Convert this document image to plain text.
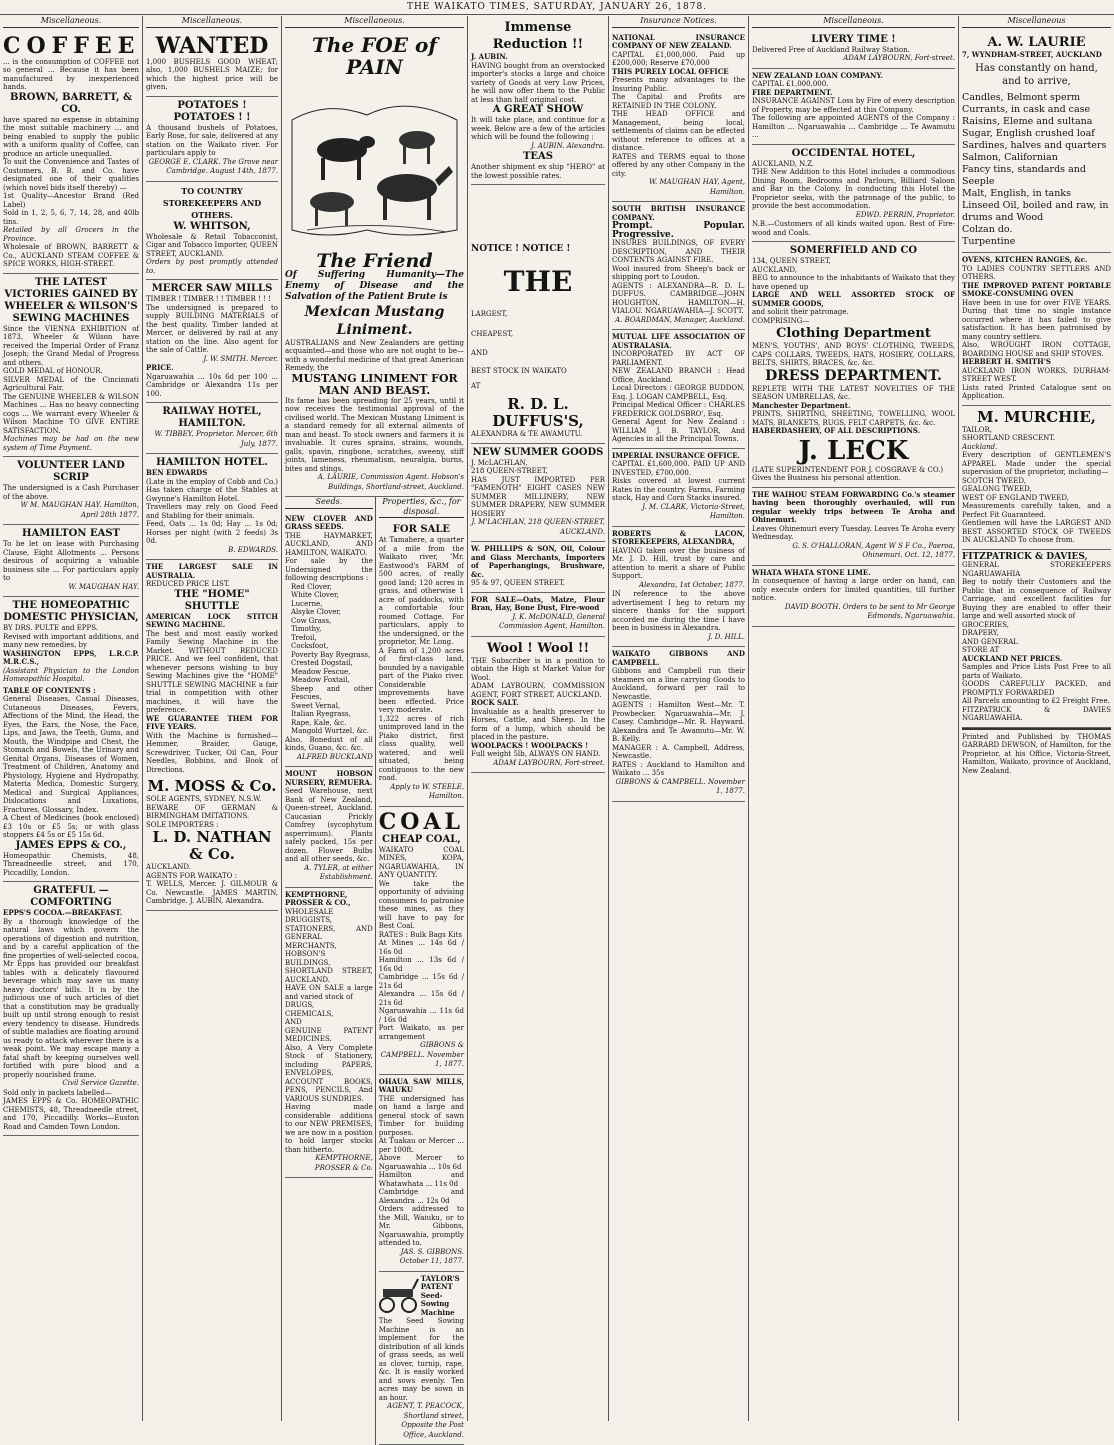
THE WAIKATO TIMES, SATURDAY, JANUARY 26, 1878.
Miscellaneous.
COFFEE
... is the consumption of COFFEE not so general ... Because it has been manufactured by inexperienced hands.
BROWN, BARRETT, & CO.
have spared no expense in obtaining the most suitable machinery ... and being enabled to supply the public with a uniform quality of Coffee, can produce an article unequalled.
To suit the Convenience and Tastes of Customers, B. B. and Co. have designated one of their qualities (which novel bids itself thereby) —
1st Quality—Ancestor Brand (Red Label)
Sold in 1, 2, 5, 6, 7, 14, 28, and 40lb tins.
Retailed by all Grocers in the Province.
Wholesale of BROWN, BARRETT & Co., AUCKLAND STEAM COFFEE & SPICE WORKS, HIGH-STREET.
THE LATEST VICTORIES GAINED BY WHEELER & WILSON'S SEWING MACHINES
Since the VIENNA EXHIBITION of 1873, Wheeler & Wilson have received the Imperial Order of Franz Joseph; the Grand Medal of Progress and others.
GOLD MEDAL of HONOUR.
SILVER MEDAL of the Cincinnati Agricultural Fair.
The GENUINE WHEELER & WILSON Machines ... Has no heavy connecting cogs ... We warrant every Wheeler & Wilson Machine TO GIVE ENTIRE SATISFACTION.
Machines may be had on the new system of Time Payment.
VOLUNTEER LAND SCRIP
The undersigned is a Cash Purchaser of the above.
W M. MAUGHAN HAY. Hamilton, April 28th 1877.
HAMILTON EAST
To be let on lease with Purchasing Clause, Eight Allotments ... Persons desirous of acquiring a valuable business site ... For particulars apply to
W. MAUGHAN HAY.
THE HOMEOPATHIC DOMESTIC PHYSICIAN,
BY DRS. PULTE and EPPS.
Revised with important additions, and many new remedies, by
WASHINGTON EPPS, L.R.C.P. M.R.C.S.,
(Assistant Physician to the London Homeopathic Hospital.
TABLE OF CONTENTS :
General Diseases, Casual Diseases, Cutaneous Diseases, Fevers, Affections of the Mind, the Head, the Eyes, the Ears, the Nose, the Face, Lips, and Jaws, the Teeth, Gums, and Mouth, the Windpipe and Chest, the Stomach and Bowels, the Urinary and Genital Organs, Diseases of Women, Treatment of Children, Anatomy and Physiology, Hygiene and Hydropathy, Materia Medica, Domestic Surgery, Medical and Surgical Appliances, Dislocations and Luxations, Fractures, Glossary, Index.
A Chest of Medicines (book enclosed) £3 10s or £5 5s; or with glass stoppers £4 5s or £5 15s 6d.
JAMES EPPS & CO.,
Homeopathic Chemists, 48, Threadneedle street, and 170, Piccadilly, London.
GRATEFUL — COMFORTING
EPPS'S COCOA.—BREAKFAST.
By a thorough knowledge of the natural laws which govern the operations of digestion and nutrition, and by a careful application of the fine properties of well-selected cocoa, Mr Epps has provided our breakfast tables with a delicately flavoured beverage which may save us many heavy doctors' bills. It is by the judicious use of such articles of diet that a constitution may be gradually built up until strong enough to resist every tendency to disease. Hundreds of subtle maladies are floating around us ready to attack wherever there is a weak point. We may escape many a fatal shaft by keeping ourselves well fortified with pure blood and a properly nourished frame.
Civil Service Gazette.
Sold only in packets labelled—
JAMES EPPS & Co. HOMEOPATHIC CHEMISTS, 48, Threadneedle street, and 170, Piccadilly. Works—Euston Road and Camden Town London.
Miscellaneous.
WANTED
1,000 BUSHELS GOOD WHEAT; also, 1,000 BUSHELS MAIZE; for which the highest price will be given.
POTATOES ! POTATOES ! !
A thousand bushels of Potatoes, Early Rose, for sale, delivered at any station on the Waikato river. For particulars apply to
GEORGE E. CLARK. The Grove near Cambridge. August 14th, 1877.
TO COUNTRY STOREKEEPERS AND OTHERS.
W. WHITSON,
Wholesale & Retail Tobacconist, Cigar and Tobacco Importer, QUEEN STREET, AUCKLAND.
Orders by post promptly attended to.
MERCER SAW MILLS
TIMBER ! TIMBER ! ! TIMBER ! ! !
The undersigned is prepared to supply BUILDING MATERIALS of the best quality. Timber landed at Mercer, or delivered by rail at any station on the line. Also agent for the sale of Cattle.
J. W. SMITH. Mercer.
PRICE.
Ngaruawahia ... 10s 6d per 100 ... Cambridge or Alexandra 11s per 100.
RAILWAY HOTEL, HAMILTON.
W. TIBBEY, Proprietor. Mercer, 6th July, 1877.
HAMILTON HOTEL.
BEN EDWARDS
(Late in the employ of Cobb and Co.) Has taken charge of the Stables at Gwynne's Hamilton Hotel.
Travellers may rely on Good Feed and Stabling for their animals.
Feed, Oats ... 1s 0d; Hay ... 1s 0d; Horses per night (with 2 feeds) 3s 0d.
B. EDWARDS.
THE LARGEST SALE IN AUSTRALIA.
REDUCED PRICE LIST.
THE "HOME" SHUTTLE
AMERICAN LOCK STITCH SEWING MACHINE.
The best and most easily worked Family Sewing Machine in the Market. WITHOUT REDUCED PRICE. And we feel confident, that whenever persons wishing to buy Sewing Machines give the "HOME" SHUTTLE SEWING MACHINE a fair trial in competition with other machines, it will have the preference.
WE GUARANTEE THEM FOR FIVE YEARS.
With the Machine is furnished—Hemmer, Braider, Gauge, Screwdriver, Tucker, Oil Can, Four Needles, Bobbins, and Book of Directions.
M. MOSS & Co.
SOLE AGENTS, SYDNEY, N.S.W.
BEWARE OF GERMAN & BIRMINGHAM IMITATIONS.
SOLE IMPORTERS :
L. D. NATHAN & Co.
AUCKLAND.
AGENTS FOR WAIKATO :
T. WELLS, Mercer. J. GILMOUR & Co. Newcastle. JAMES MARTIN, Cambridge. J. AUBIN, Alexandra.
Miscellaneous.
The FOE of PAIN
The Friend
Of Suffering Humanity—The Enemy of Disease and the Salvation of the Patient Brute is
Mexican Mustang Liniment.
AUSTRALIANS and New Zealanders are getting acquainted—and those who are not ought to be—with a wonderful medicine of that great American Remedy, the
MUSTANG LINIMENT FOR MAN AND BEAST.
Its fame has been spreading for 25 years, until it now receives the testimonial approval of the civilised world. The Mexican Mustang Liniment is a standard remedy for all external ailments of man and beast. To stock owners and farmers it is invaluable. It cures sprains, strains, wounds, galls, spavin, ringbone, scratches, sweeny, stiff joints, lameness, rheumatism, neuralgia, burns, bites and stings.
A. LAURIE, Commission Agent. Hobson's Buildings, Shortland-street, Auckland.
Seeds.
NEW CLOVER AND GRASS SEEDS.
THE HAYMARKET, AUCKLAND, AND HAMILTON, WAIKATO.
For sale by the Undersigned the following descriptions :
Red Clover,
White Clover,
Lucerne,
Alsyke Clover,
Cow Grass,
Timothy,
Trefoil,
Cocksfoot,
Poverty Bay Ryegrass,
Crested Dogstail,
Meadow Fescue,
Meadow Foxtail,
Sheep and other Fescues,
Sweet Vernal,
Italian Ryegrass,
Rape, Kale, &c.
Mangold Wurtzel, &c.
Also, Bonedust of all kinds, Guano, &c. &c.
ALFRED BUCKLAND
MOUNT HOBSON NURSERY, REMUERA.
Seed Warehouse, next Bank of New Zealand, Queen-street, Auckland. Caucasian Prickly Comfrey (sycophytum asperrimum). Plants safely packed, 15s per dozen. Flower Bulbs and all other seeds, &c.
A. TYLER, at either Establishment.
KEMPTHORNE, PROSSER & CO.,
WHOLESALE DRUGGISTS, STATIONERS, AND GENERAL MERCHANTS,
HOBSON'S BUILDINGS, SHORTLAND STREET, AUCKLAND.
HAVE ON SALE a large and varied stock of
DRUGS,
CHEMICALS,
AND
GENUINE PATENT MEDICINES.
Also, A Very Complete Stock of Stationery, including PAPERS, ENVELOPES, ACCOUNT BOOKS, PENS, PENCILS, And VARIOUS SUNDRIES.
Having made considerable additions to our NEW PREMISES, we are now in a position to hold larger stocks than hitherto.
KEMPTHORNE, PROSSER & Co.
Properties, &c., for disposal.
FOR SALE
At Tamahere, a quarter of a mile from the Waikato river, 'Mr. Eastwood's FARM of 500 acres, of really good land; 120 acres in grass, and otherwise 1 acre of paddocks, with a comfortable four roomed Cottage. For particulars, apply to the undersigned, or the proprietor, Mr. Long.
A Farm of 1,200 acres of first-class land, bounded by a navigable part of the Piako river. Considerable improvements have been effected. Price very moderate.
1,322 acres of rich unimproved land in the Piako district, first class quality, well watered, and well situated, being contiguous to the new road.
Apply to W. STEELE, Hamilton.
COAL
CHEAP COAL,
WAIKATO COAL MINES, KOPA, NGARUAWAHIA, IN ANY QUANTITY.
We take the opportunity of advising consumers to patronise these mines, as they will have to pay for Best Coal.
RATES : Bulk Bags Kits
At Mines ... 14s 6d / 16s 0d
Hamilton ... 13s 6d / 16s 0d
Cambridge ... 15s 6d / 21s 6d
Alexandra ... 15s 6d / 21s 6d
Ngaruawahia ... 11s 6d / 16s 0d
Port Waikato, as per arrangement
GIBBONS & CAMPBELL. November 1, 1877.
OHAUA SAW MILLS, WAIUKU
THE undersigned has on hand a large and general stock of sawn Timber for building purposes.
At Tuakau or Mercer ... per 100ft.
Above Mercer to Ngaruawahia ... 10s 6d
Hamilton and Whatawhata ... 11s 0d
Cambridge and Alexandra ... 12s 0d
Orders addressed to the Mill, Waiuku, or to Mr. Gibbons, Ngaruawahia, promptly attended to.
JAS. S. GIBBONS. October 11, 1877.
TAYLOR'S PATENT Seed-Sowing Machine
The Seed Sowing Machine is an implement for the distribution of all kinds of grass seeds, as well as clover, turnip, rape, &c. It is easily worked and sows evenly. Ten acres may be sown in an hour.
AGENT, T. PEACOCK, Shortland street, Opposite the Post Office, Auckland.
Immense Reduction !!
J. AUBIN.
HAVING bought from an overstocked importer's stocks a large and choice variety of Goods at very Low Prices, he will now offer them to the Public at less than half original cost.
A GREAT SHOW
It will take place, and continue for a week. Below are a few of the articles which will be found the following :
J. AUBIN. Alexandra.
TEAS
Another shipment ex ship "HERO" at the lowest possible rates.
NOTICE ! NOTICE !
THE
LARGEST,
CHEAPEST,
AND
BEST STOCK IN WAIKATO
AT
R. D. L. DUFFUS'S,
ALEXANDRA & TE AWAMUTU.
NEW SUMMER GOODS
J. McLACHLAN,
218 QUEEN-STREET,
HAS JUST IMPORTED PER "FAMENOTH" EIGHT CASES NEW SUMMER MILLINERY, NEW SUMMER DRAPERY, NEW SUMMER HOSIERY
J. M'LACHLAN, 218 QUEEN-STREET, AUCKLAND.
W. PHILLIPS & SON, Oil, Colour and Glass Merchants, Importers of Paperhangings, Brushware, &c.
95 & 97, QUEEN STREET.
FOR SALE—Oats, Maize, Flour Bran, Hay, Bone Dust, Fire-wood
J. K. McDONALD, General Commission Agent, Hamilton.
Wool ! Wool !!
THE Subscriber is in a position to obtain the High st Market Value for Wool.
ADAM LAYBOURN, COMMISSION AGENT, FORT STREET, AUCKLAND.
ROCK SALT.
Invaluable as a health preserver to Horses, Cattle, and Sheep. In the form of a lump, which should be placed in the pasture.
WOOLPACKS ! WOOLPACKS !
Full weight 5lb, ALWAYS ON HAND.
ADAM LAYBOURN, Fort-street.
Insurance Notices.
NATIONAL INSURANCE COMPANY OF NEW ZEALAND.
CAPITAL £1,000,000. Paid up £200,000; Reserve £70,000
THIS PURELY LOCAL OFFICE
Presents many advantages to the Insuring Public.
The Capital and Profits are RETAINED IN THE COLONY.
THE HEAD OFFICE and Management, being local, settlements of claims can be effected without reference to offices at a distance.
RATES and TERMS equal to those offered by any other Company in the city.
W. MAUGHAN HAY, Agent, Hamilton.
SOUTH BRITISH INSURANCE COMPANY.
Prompt. Popular. Progressive.
INSURES BUILDINGS, OF EVERY DESCRIPTION, AND THEIR CONTENTS AGAINST FIRE.
Wool insured from Sheep's back or shipping port to Loudon.
AGENTS : ALEXANDRA—R. D. L. DUFFUS. CAMBRIDGE—JOHN HOUGHTON. HAMILTON—H. VIALOU. NGARUAWAHIA—J. SCOTT.
A. BOARDMAN, Manager, Auckland.
MUTUAL LIFE ASSOCIATION OF AUSTRALASIA.
INCORPORATED BY ACT OF PARLIAMENT.
NEW ZEALAND BRANCH : Head Office, Auckland.
Local Directors : GEORGE BUDDON, Esq. J. LOGAN CAMPBELL, Esq.
Principal Medical Officer : CHARLES FREDERICK GOLDSBRO', Esq.
General Agent for New Zealand : WILLIAM J. B. TAYLOR, And Agencies in all the Principal Towns.
IMPERIAL INSURANCE OFFICE.
CAPITAL £1,600,000. PAID UP AND INVESTED, £700,000.
Risks covered at lowest current Rates in the country. Farms, Farming stock, Hay and Corn Stacks insured.
J. M. CLARK, Victoria-Street, Hamilton.
ROBERTS & LACON, STOREKEEPERS, ALEXANDRA,
HAVING taken over the business of Mr. J. D. Hill, trust by care and attention to merit a share of Public Support.
Alexandra, 1st October, 1877.
IN reference to the above advertisement I beg to return my sincere thanks for the support accorded me during the time I have been in business in Alexandra.
J. D. HILL.
WAIKATO GIBBONS AND CAMPBELL.
Gibbons and Campbell run their steamers on a line carrying Goods to Auckland, forward per rail to Newcastle.
AGENTS : Hamilton West—Mr. T. Prowbecker. Ngaruawahia—Mr. J. Casey. Cambridge—Mr. R. Hayward. Alexandra and Te Awamutu—Mr. W. B. Kelly.
MANAGER : A. Campbell, Address, Newcastle.
RATES : Auckland to Hamilton and Waikato ... 35s
GIBBONS & CAMPBELL. November 1, 1877.
Miscellaneous.
LIVERY TIME !
Delivered Free of Auckland Railway Station.
ADAM LAYBOURN, Fort-street.
NEW ZEALAND LOAN COMPANY.
CAPITAL £1,000,000.
FIRE DEPARTMENT.
INSURANCE AGAINST Loss by Fire of every description of Property, may be effected at this Company.
The following are appointed AGENTS of the Company : Hamilton ... Ngaruawahia ... Cambridge ... Te Awamutu ...
OCCIDENTAL HOTEL,
AUCKLAND, N.Z.
THE New Addition to this Hotel includes a commodious Dining Room, Bedrooms and Parlours, Billiard Saloon and Bar in the Colony. In conducting this Hotel the Proprietor seeks, with the patronage of the public, to provide the best accommodation.
EDWD. PERRIN, Proprietor.
N.B.—Customers of all kinds waited upon. Best of Fire-wood and Coals.
SOMERFIELD AND CO
134, QUEEN STREET,
AUCKLAND,
BEG to announce to the inhabitants of Waikato that they have opened up
LARGE AND WELL ASSORTED STOCK OF SUMMER GOODS,
and solicit their patronage.
COMPRISING—
Clothing Department
MEN'S, YOUTHS', AND BOYS' CLOTHING, TWEEDS, CAPS COLLARS, TWEEDS, HATS, HOSIERY, COLLARS, BELTS, SHIRTS, BRACES, &c. &c.
DRESS DEPARTMENT.
REPLETE WITH THE LATEST NOVELTIES OF THE SEASON UMBRELLAS, &c.
Manchester Department.
PRINTS, SHIRTING, SHEETING, TOWELLING, WOOL MATS, BLANKETS, RUGS, FELT CARPETS, &c. &c.
HABERDASHERY, OF ALL DESCRIPTIONS.
J. LECK
(LATE SUPERINTENDENT FOR J. COSGRAVE & CO.)
Gives the Business his personal attention.
THE WAIHOU STEAM FORWARDING Co.'s steamer having been thoroughly overhauled, will run regular weekly trips between Te Aroha and Ohinemuri.
Leaves Ohinemuri every Tuesday. Leaves Te Aroha every Wednesday.
G. S. O'HALLORAN, Agent W S F Co., Paeroa, Ohinemuri. Oct. 12, 1877.
WHATA WHATA STONE LIME.
In consequence of having a large order on hand, can only execute orders for limited quantities, till further notice.
DAVID BOOTH. Orders to be sent to Mr George Edmonds, Ngaruawahia.
Miscellaneous
A. W. LAURIE
7, WYNDHAM-STREET, AUCKLAND
Has constantly on hand,
and to arrive,
Candles, Belmont sperm
Currants, in cask and case
Raisins, Eleme and sultana
Sugar, English crushed loaf
Sardines, halves and quarters
Salmon, Californian
Fancy tins, standards and Seeple
Malt, English, in tanks
Linseed Oil, boiled and raw, in drums and Wood
Colzan do.
Turpentine
OVENS, KITCHEN RANGES, &c.
TO LADIES COUNTRY SETTLERS AND OTHERS.
THE IMPROVED PATENT PORTABLE SMOKE-CONSUMING OVEN
Have been in use for over FIVE YEARS. During that time no single instance occurred where it has failed to give satisfaction. It has been patronised by many country settlers.
Also, WROUGHT IRON COTTAGE, BOARDING HOUSE and SHIP STOVES.
HERBERT H. SMITH'S
AUCKLAND IRON WORKS, DURHAM-STREET WEST.
Lists rated Printed Catalogue sent on Application.
M. MURCHIE,
TAILOR,
SHORTLAND CRESCENT.
Auckland.
Every description of GENTLEMEN'S APPAREL Made under the special supervision of the proprietor, including—
SCOTCH TWEED,
GEALONG TWEED,
WEST OF ENGLAND TWEED,
Measurements carefully taken, and a Perfect Fit Guaranteed.
Gentlemen will have the LARGEST AND BEST ASSORTED STOCK OF TWEEDS IN AUCKLAND To choose from.
FITZPATRICK & DAVIES,
GENERAL STOREKEEPERS NGARUAWAHIA
Beg to notify their Customers and the Public that in consequence of Railway Carriage, and excellent facilities for Buying they are enabled to offer their large and well assorted stock of
GROCERIES,
DRAPERY,
AND GENERAL
STORE AT
AUCKLAND NET PRICES.
Samples and Price Lists Post Free to all parts of Waikato.
GOODS CAREFULLY PACKED, and PROMPTLY FORWARDED
All Parcels amounting to £2 Freight Free.
FITZPATRICK & DAVIES NGARUAWAHIA.
Printed and Published by THOMAS GARRARD DEWSON, of Hamilton, for the Proprietor, at his Office, Victoria-Street, Hamilton, Waikato, province of Auckland, New Zealand.
